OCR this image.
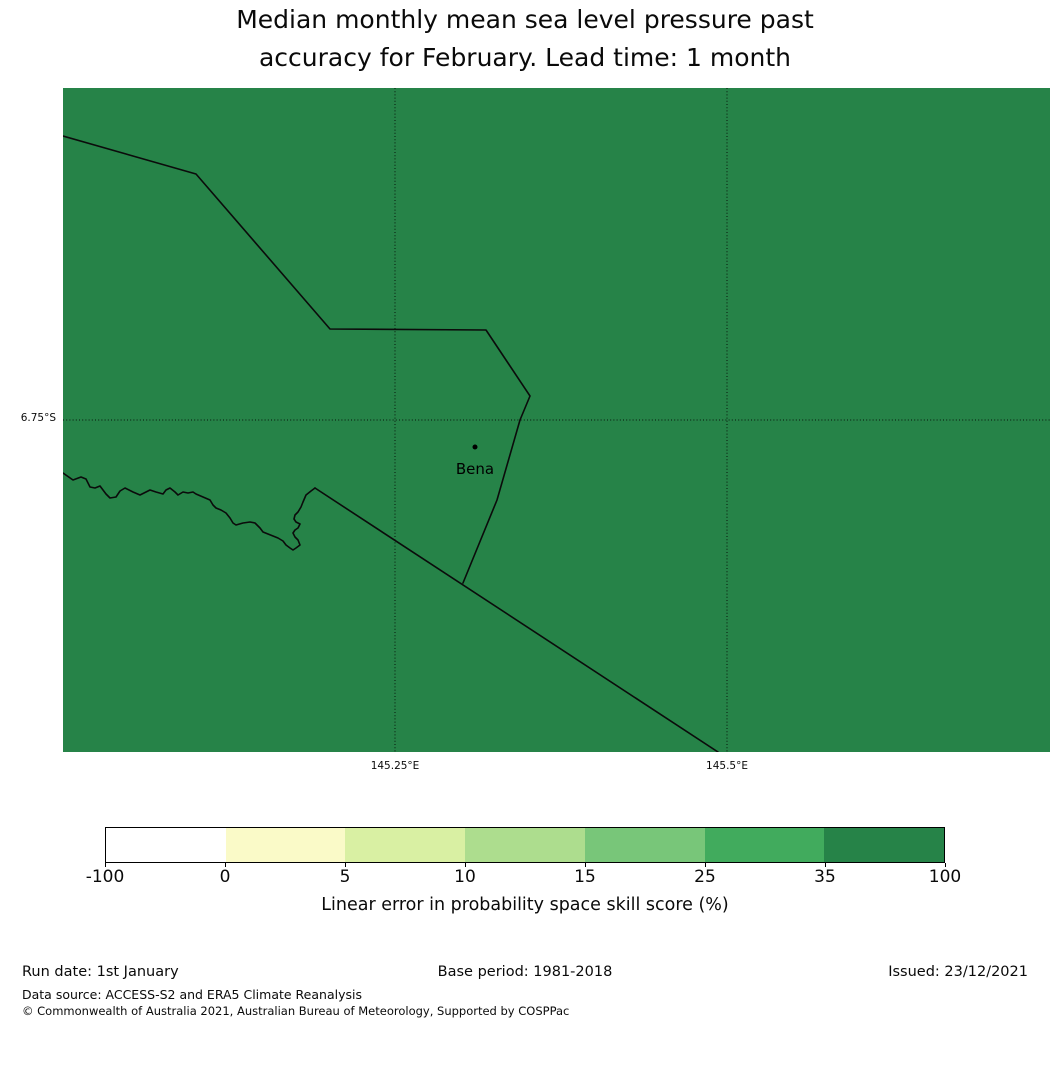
Median monthly mean sea level pressure past
accuracy for February. Lead time: 1 month
Bena
6.75°S
145.25°E	145.5°E
-100	0	5	10	15	25	35	100
Linear error in probability space skill score (%)
Run date: 1st January	Base period: 1981-2018	Issued: 23/12/2021
Data source: ACCESS-S2 and ERA5 Climate Reanalysis
© Commonwealth of Australia 2021, Australian Bureau of Meteorology, Supported by COSPPac
